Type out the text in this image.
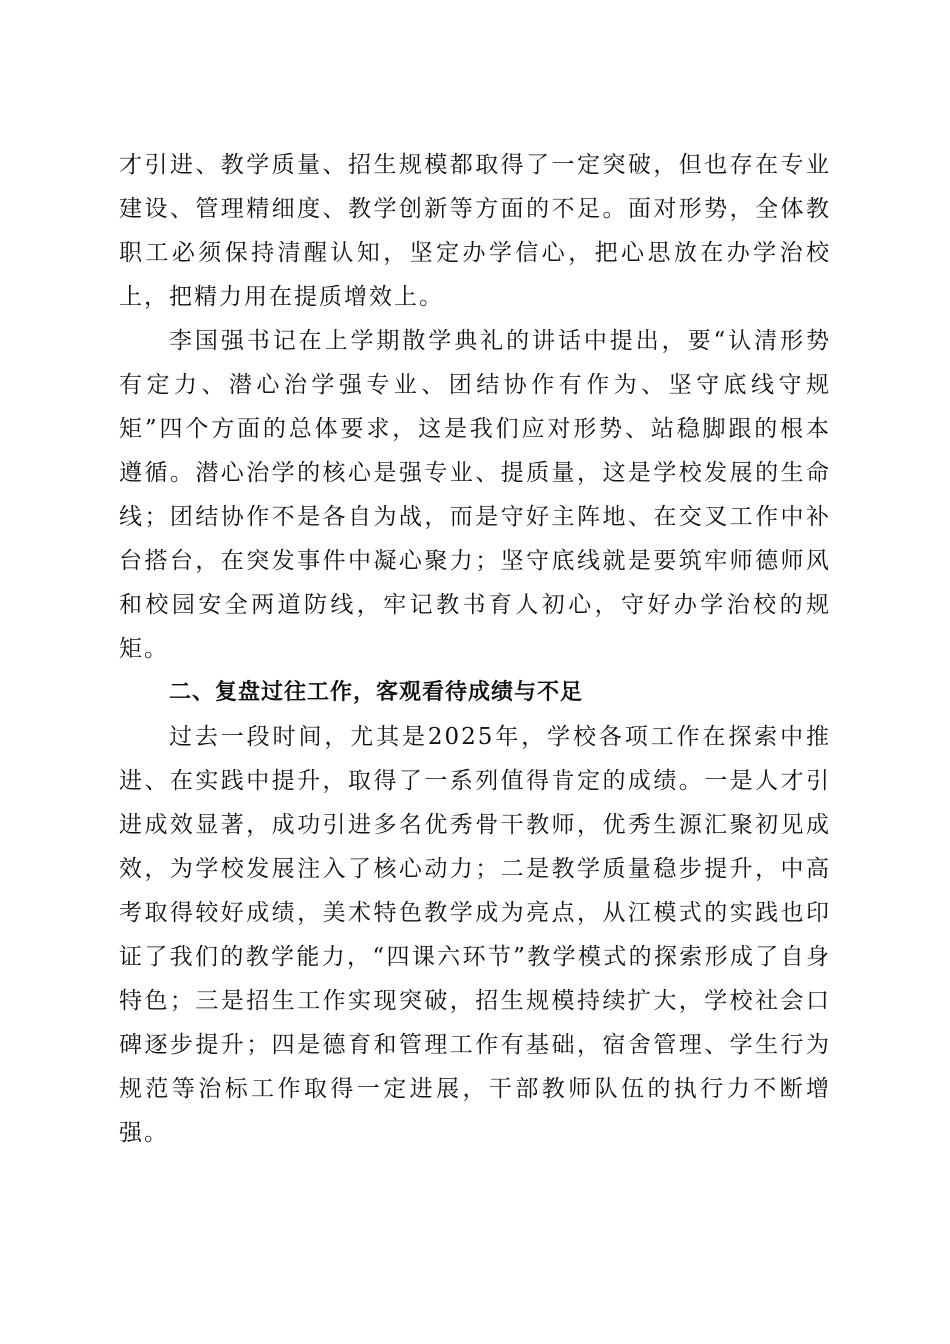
才引进、教学质量、招生规模都取得了一定突破，但也存在专业建设、管理精细度、教学创新等方面的不足。面对形势，全体教职工必须保持清醒认知，坚定办学信心，把心思放在办学治校上，把精力用在提质增效上。

李国强书记在上学期散学典礼的讲话中提出，要“认清形势有定力、潜心治学强专业、团结协作有作为、坚守底线守规矩”四个方面的总体要求，这是我们应对形势、站稳脚跟的根本遵循。潜心治学的核心是强专业、提质量，这是学校发展的生命线；团结协作不是各自为战，而是守好主阵地、在交叉工作中补台搭台，在突发事件中凝心聚力；坚守底线就是要筑牢师德师风和校园安全两道防线，牢记教书育人初心，守好办学治校的规矩。

二、复盘过往工作，客观看待成绩与不足

过去一段时间，尤其是2025年，学校各项工作在探索中推进、在实践中提升，取得了一系列值得肯定的成绩。一是人才引进成效显著，成功引进多名优秀骨干教师，优秀生源汇聚初见成效，为学校发展注入了核心动力；二是教学质量稳步提升，中高考取得较好成绩，美术特色教学成为亮点，从江模式的实践也印证了我们的教学能力，“四课六环节”教学模式的探索形成了自身特色；三是招生工作实现突破，招生规模持续扩大，学校社会口碑逐步提升；四是德育和管理工作有基础，宿舍管理、学生行为规范等治标工作取得一定进展，干部教师队伍的执行力不断增强。
